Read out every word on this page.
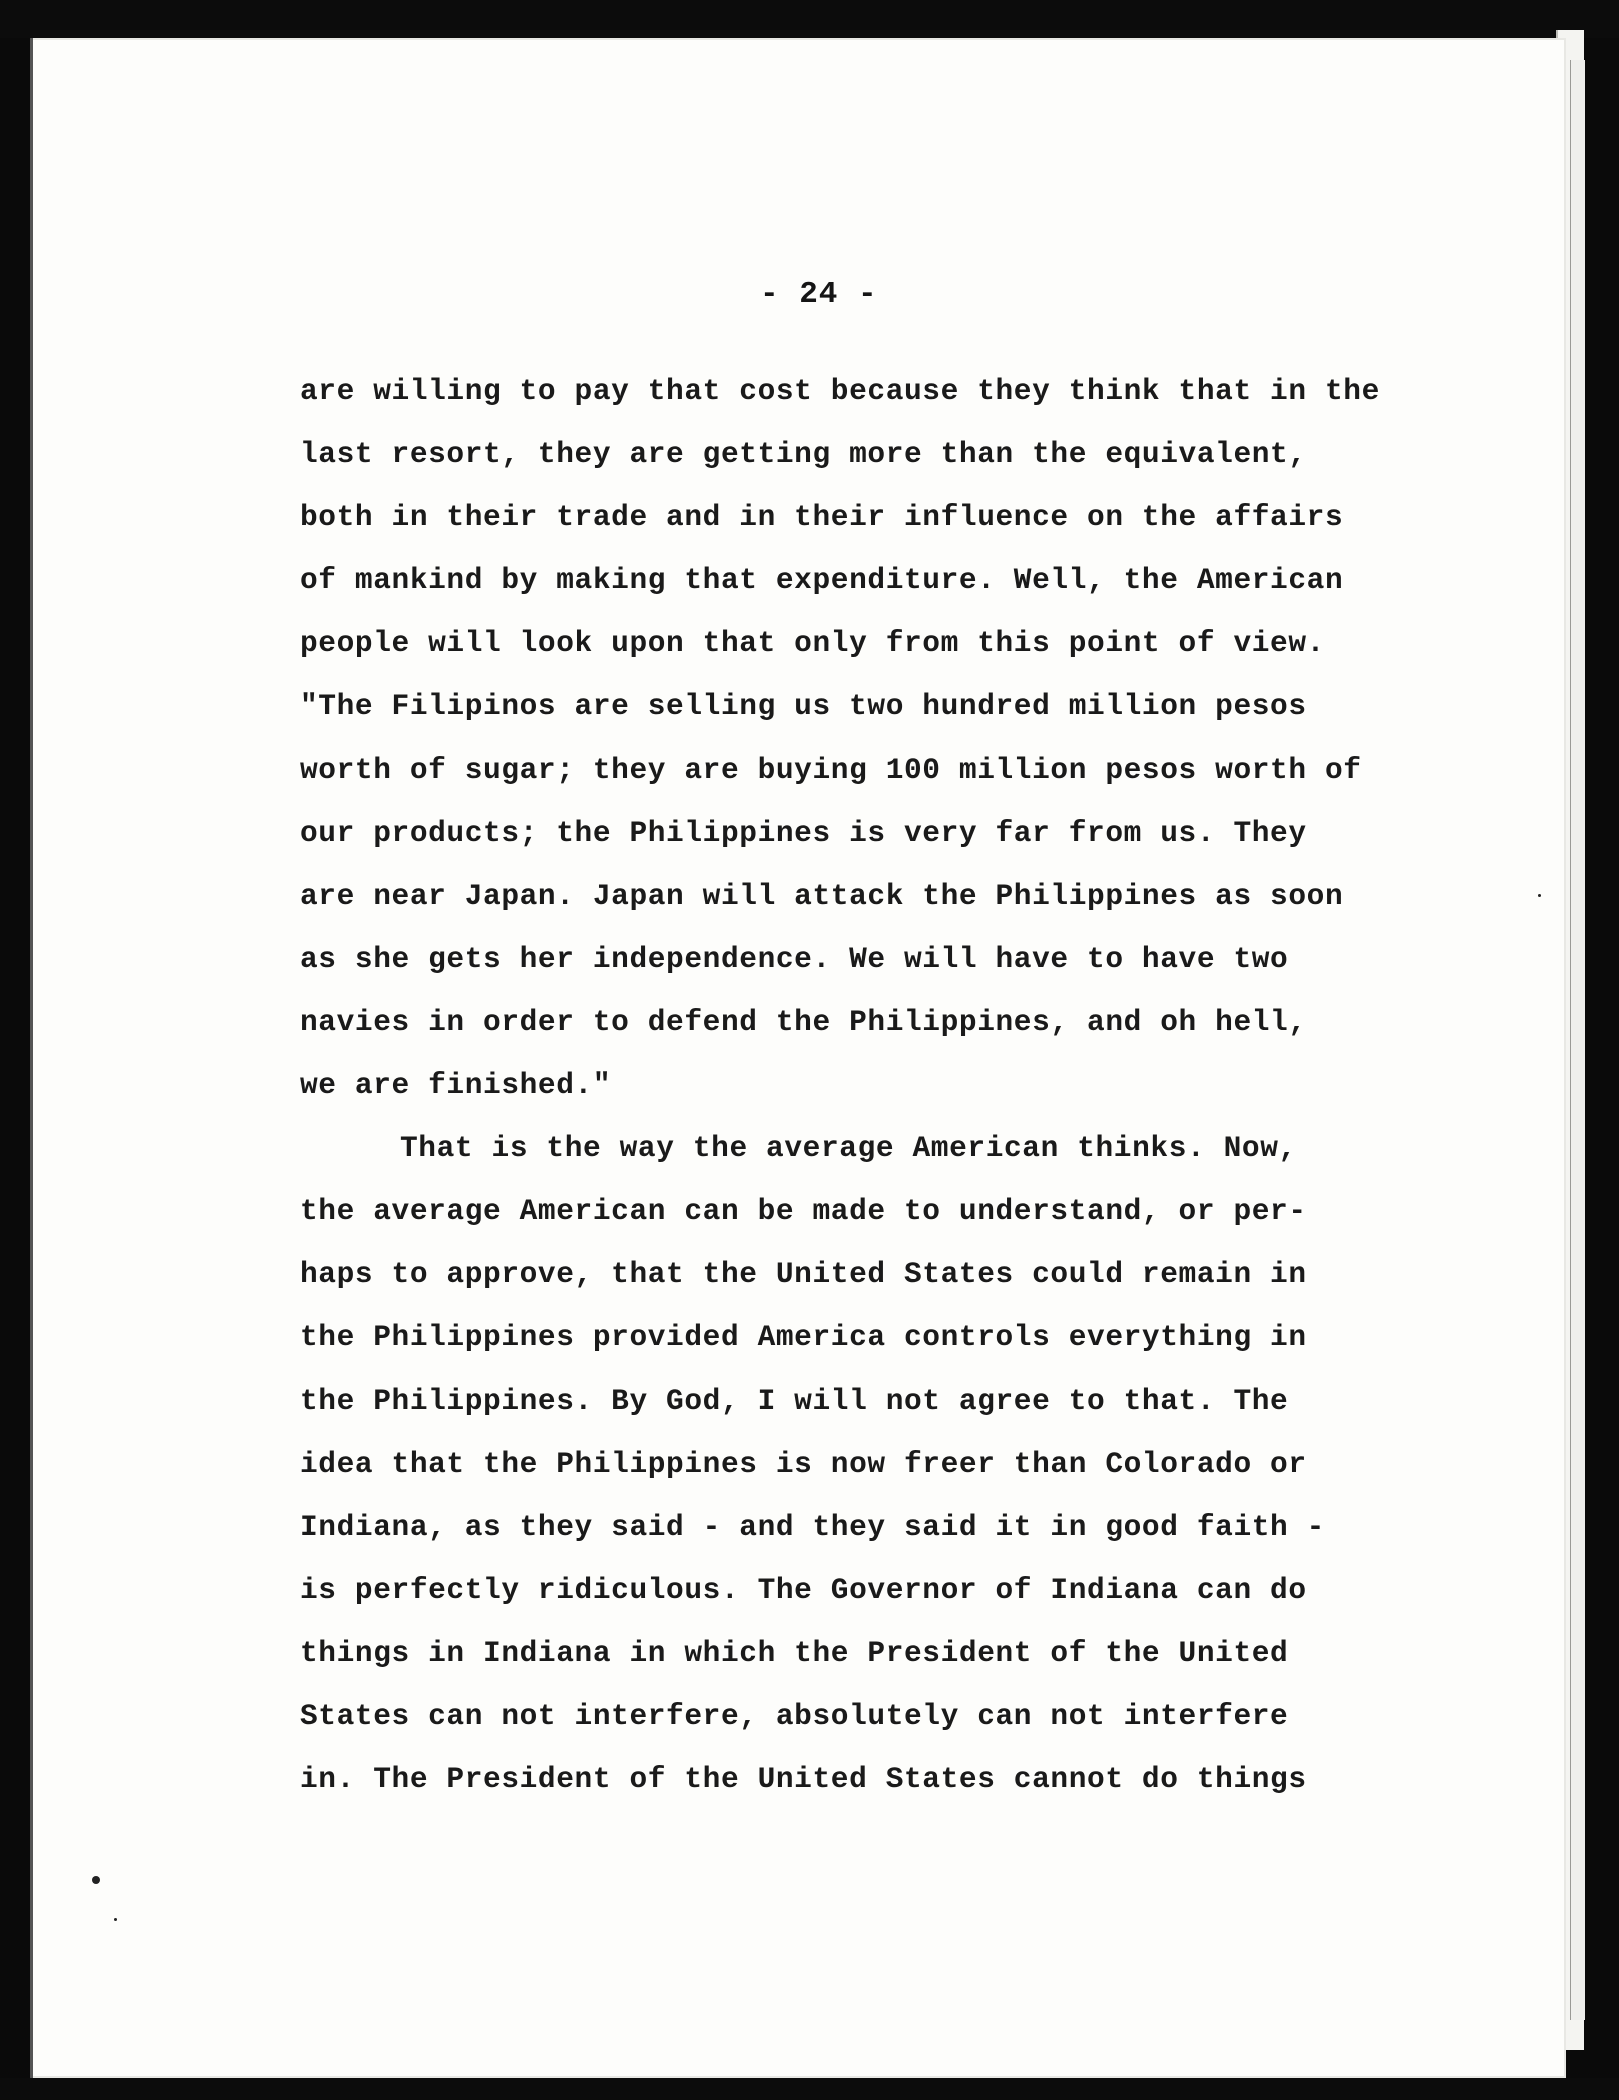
- 24 -
are willing to pay that cost because they think that in the
last resort, they are getting more than the equivalent,
both in their trade and in their influence on the affairs
of mankind by making that expenditure. Well, the American
people will look upon that only from this point of view.
"The Filipinos are selling us two hundred million pesos
worth of sugar; they are buying 100 million pesos worth of
our products; the Philippines is very far from us. They
are near Japan. Japan will attack the Philippines as soon
as she gets her independence. We will have to have two
navies in order to defend the Philippines, and oh hell,
we are finished."
That is the way the average American thinks. Now,
the average American can be made to understand, or per-
haps to approve, that the United States could remain in
the Philippines provided America controls everything in
the Philippines. By God, I will not agree to that. The
idea that the Philippines is now freer than Colorado or
Indiana, as they said - and they said it in good faith -
is perfectly ridiculous. The Governor of Indiana can do
things in Indiana in which the President of the United
States can not interfere, absolutely can not interfere
in. The President of the United States cannot do things
